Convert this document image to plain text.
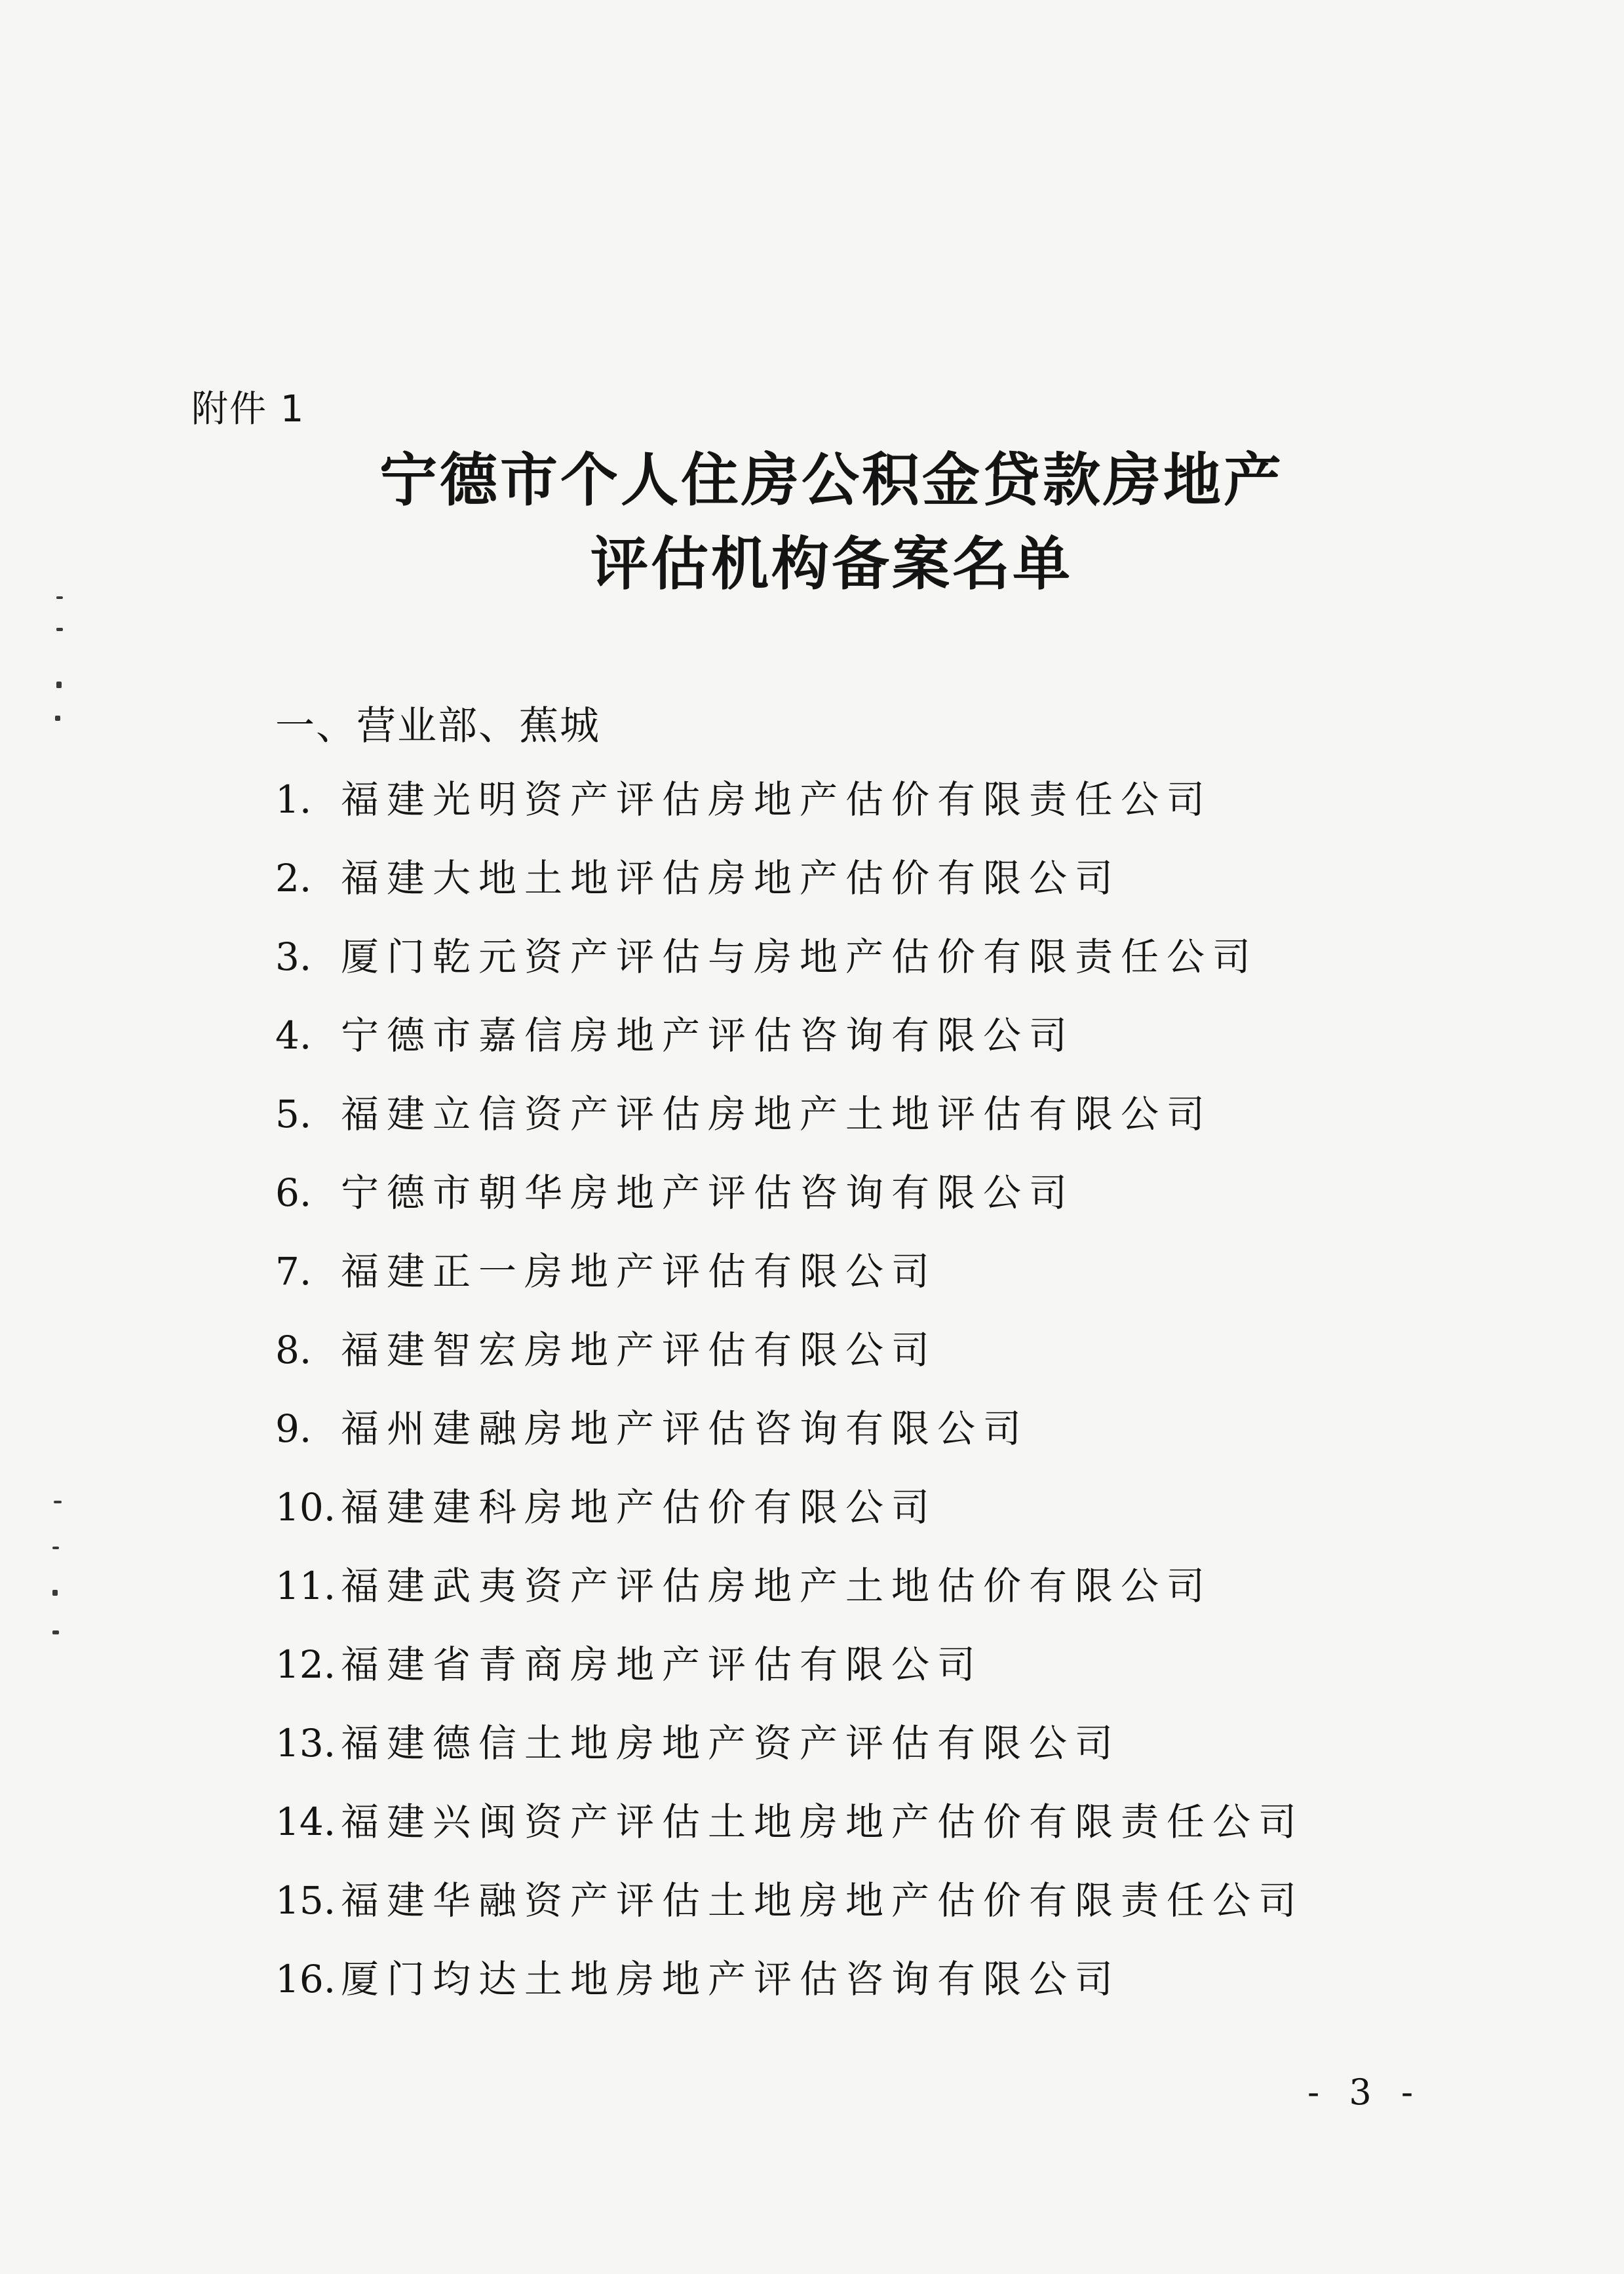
附件 1
宁德市个人住房公积金贷款房地产
评估机构备案名单
一、营业部、蕉城
1. 福建光明资产评估房地产估价有限责任公司
2. 福建大地土地评估房地产估价有限公司
3. 厦门乾元资产评估与房地产估价有限责任公司
4. 宁德市嘉信房地产评估咨询有限公司
5. 福建立信资产评估房地产土地评估有限公司
6. 宁德市朝华房地产评估咨询有限公司
7. 福建正一房地产评估有限公司
8. 福建智宏房地产评估有限公司
9. 福州建融房地产评估咨询有限公司
10. 福建建科房地产估价有限公司
11. 福建武夷资产评估房地产土地估价有限公司
12. 福建省青商房地产评估有限公司
13. 福建德信土地房地产资产评估有限公司
14. 福建兴闽资产评估土地房地产估价有限责任公司
15. 福建华融资产评估土地房地产估价有限责任公司
16. 厦门均达土地房地产评估咨询有限公司
- 3 -
